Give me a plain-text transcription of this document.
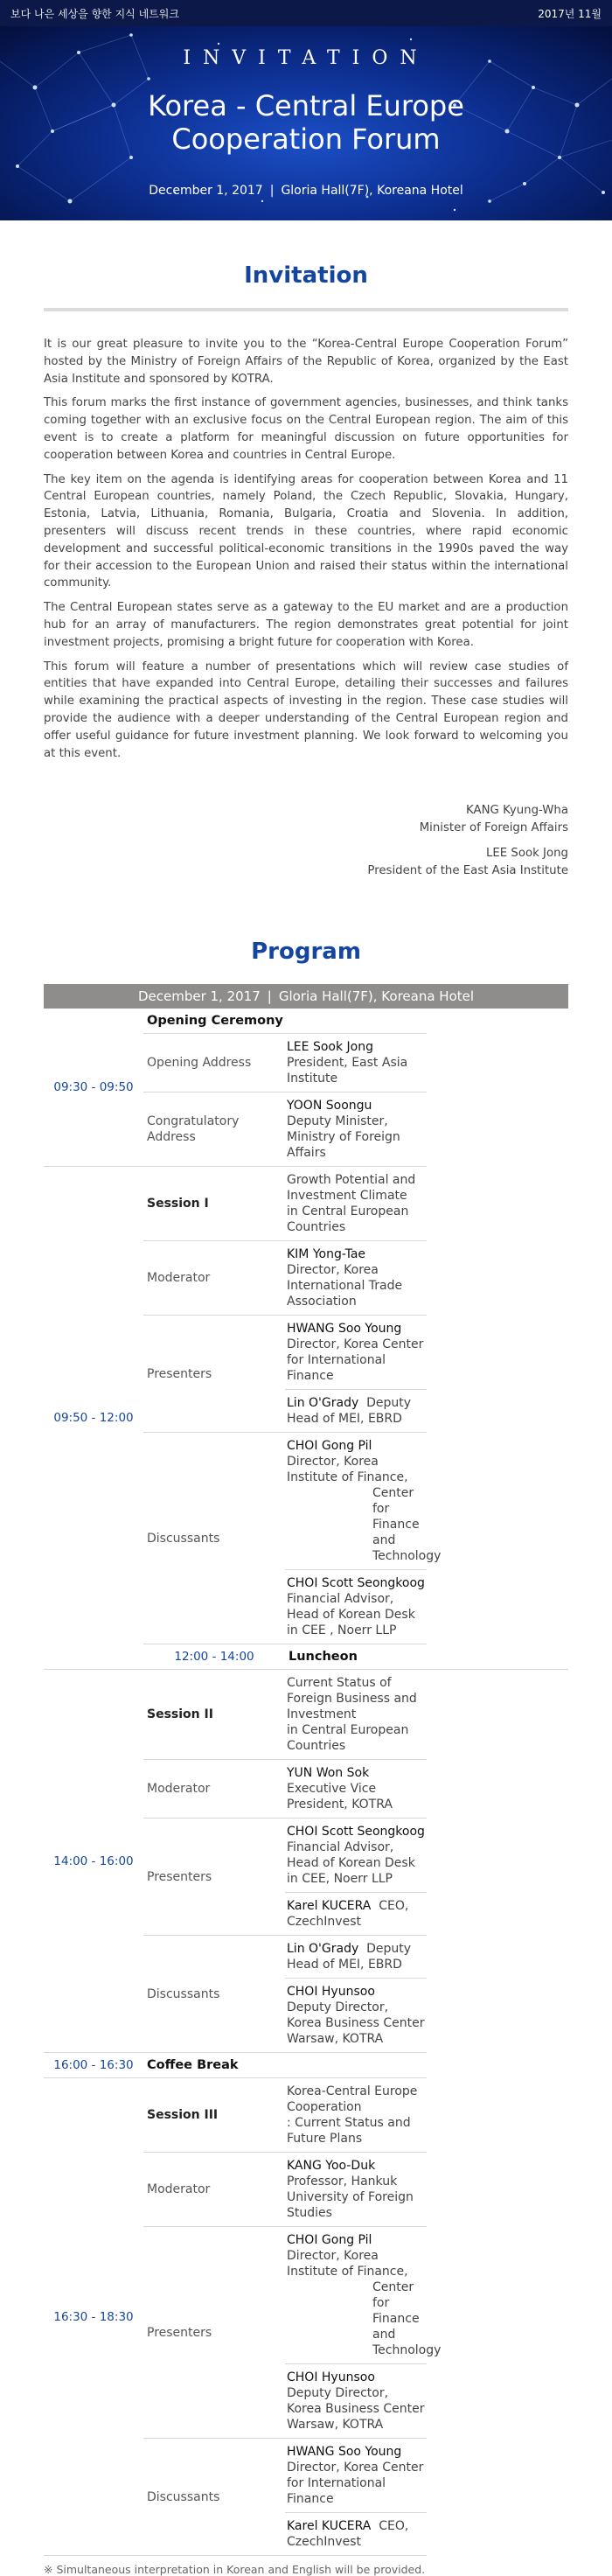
보다 나은 세상을 향한 지식 네트워크	2017년 11월
INVITATION
Korea - Central Europe
Cooperation Forum
December 1, 2017 | Gloria Hall(7F), Koreana Hotel
Invitation

It is our great pleasure to invite you to the “Korea-Central Europe Cooperation Forum” hosted by the Ministry of Foreign Affairs of the Republic of Korea, organized by the East Asia Institute and sponsored by KOTRA.

This forum marks the first instance of government agencies, businesses, and think tanks coming together with an exclusive focus on the Central European region. The aim of this event is to create a platform for meaningful discussion on future opportunities for cooperation between Korea and countries in Central Europe.

The key item on the agenda is identifying areas for cooperation between Korea and 11 Central European countries, namely Poland, the Czech Republic, Slovakia, Hungary, Estonia, Latvia, Lithuania, Romania, Bulgaria, Croatia and Slovenia. In addition, presenters will discuss recent trends in these countries, where rapid economic development and successful political-economic transitions in the 1990s paved the way for their accession to the European Union and raised their status within the international community.

The Central European states serve as a gateway to the EU market and are a production hub for an array of manufacturers. The region demonstrates great potential for joint investment projects, promising a bright future for cooperation with Korea.

This forum will feature a number of presentations which will review case studies of entities that have expanded into Central Europe, detailing their successes and failures while examining the practical aspects of investing in the region. These case studies will provide the audience with a deeper understanding of the Central European region and offer useful guidance for future investment planning. We look forward to welcoming you at this event.

KANG Kyung-Wha
Minister of Foreign Affairs
LEE Sook Jong
President of the East Asia Institute
Program
December 1, 2017 | Gloria Hall(7F), Koreana Hotel
09:30 - 09:50	Opening Ceremony	
	Opening Address	LEE Sook Jong
President, East Asia Institute
	Congratulatory Address	YOON Soongu
Deputy Minister, Ministry of Foreign Affairs
09:50 - 12:00	Session I	Growth Potential and Investment Climate
in Central European Countries
	Moderator	KIM Yong-Tae
Director, Korea International Trade Association
	Presenters	HWANG Soo Young
Director, Korea Center for International Finance
		Lin O'Grady Deputy Head of MEI, EBRD
	Discussants	CHOI Gong Pil Director, Korea Institute of Finance,
Center for Finance and Technology

		CHOI Scott Seongkoog Financial Advisor,
Head of Korean Desk in CEE , Noerr LLP
	12:00 - 14:00	Luncheon
14:00 - 16:00	Session II	Current Status of Foreign Business and Investment
in Central European Countries
	Moderator	YUN Won Sok  Executive Vice President, KOTRA
	Presenters	CHOI Scott Seongkoog Financial Advisor,
Head of Korean Desk in CEE, Noerr LLP
		Karel KUCERA CEO, CzechInvest
	Discussants	Lin O'Grady Deputy Head of MEI, EBRD
		CHOI Hyunsoo
Deputy Director, Korea Business Center Warsaw, KOTRA
16:00 - 16:30	Coffee Break	
16:30 - 18:30	Session III	Korea-Central Europe Cooperation
: Current Status and Future Plans
	Moderator	KANG Yoo-Duk
Professor, Hankuk University of Foreign Studies
	Presenters	CHOI Gong Pil  Director, Korea Institute of Finance,
Center for Finance and Technology

		CHOI Hyunsoo
Deputy Director, Korea Business Center Warsaw, KOTRA
	Discussants	HWANG Soo Young
Director, Korea Center for International Finance
		Karel KUCERA CEO, CzechInvest
※ Simultaneous interpretation in Korean and English will be provided.
